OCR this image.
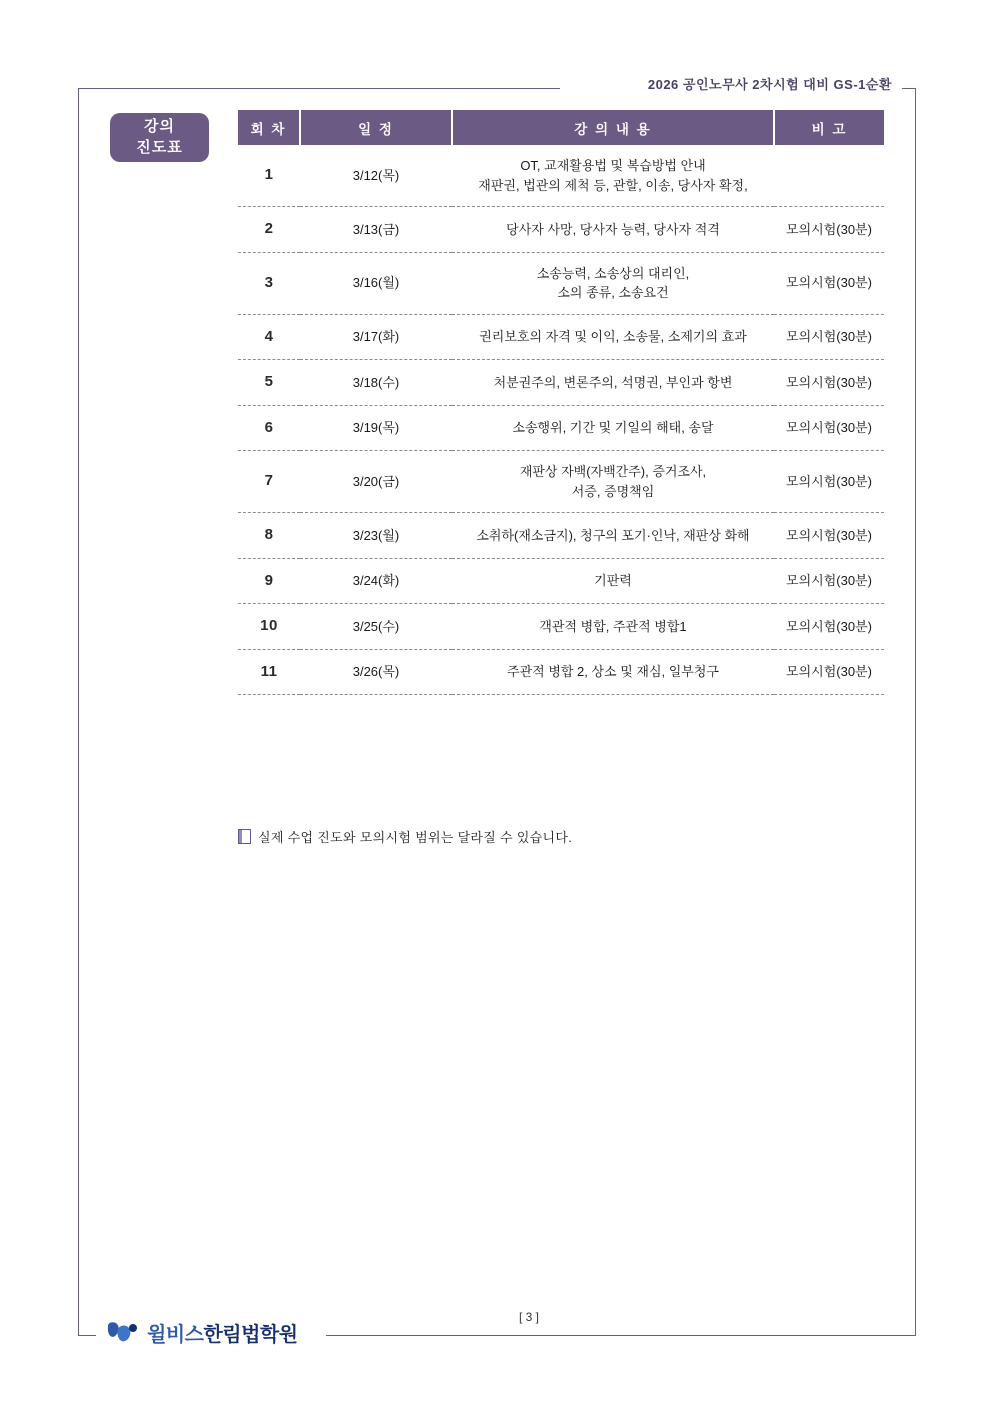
2026 공인노무사 2차시험 대비 GS-1순환
강의
진도표
회 차	일 정	강 의 내 용	비 고
1	3/12(목)	OT, 교재활용법 및 복습방법 안내
재판권, 법관의 제척 등, 관할, 이송, 당사자 확정,	
2	3/13(금)	당사자 사망, 당사자 능력, 당사자 적격	모의시험(30분)
3	3/16(월)	소송능력, 소송상의 대리인,
소의 종류, 소송요건	모의시험(30분)
4	3/17(화)	권리보호의 자격 및 이익, 소송물, 소제기의 효과	모의시험(30분)
5	3/18(수)	처분권주의, 변론주의, 석명권, 부인과 항변	모의시험(30분)
6	3/19(목)	소송행위, 기간 및 기일의 해태, 송달	모의시험(30분)
7	3/20(금)	재판상 자백(자백간주), 증거조사,
서증, 증명책임	모의시험(30분)
8	3/23(월)	소취하(재소금지), 청구의 포기·인낙, 재판상 화해	모의시험(30분)
9	3/24(화)	기판력	모의시험(30분)
10	3/25(수)	객관적 병합, 주관적 병합1	모의시험(30분)
11	3/26(목)	주관적 병합 2, 상소 및 재심, 일부청구	모의시험(30분)
실제 수업 진도와 모의시험 범위는 달라질 수 있습니다.
[ 3 ]
윌비스한림법학원
